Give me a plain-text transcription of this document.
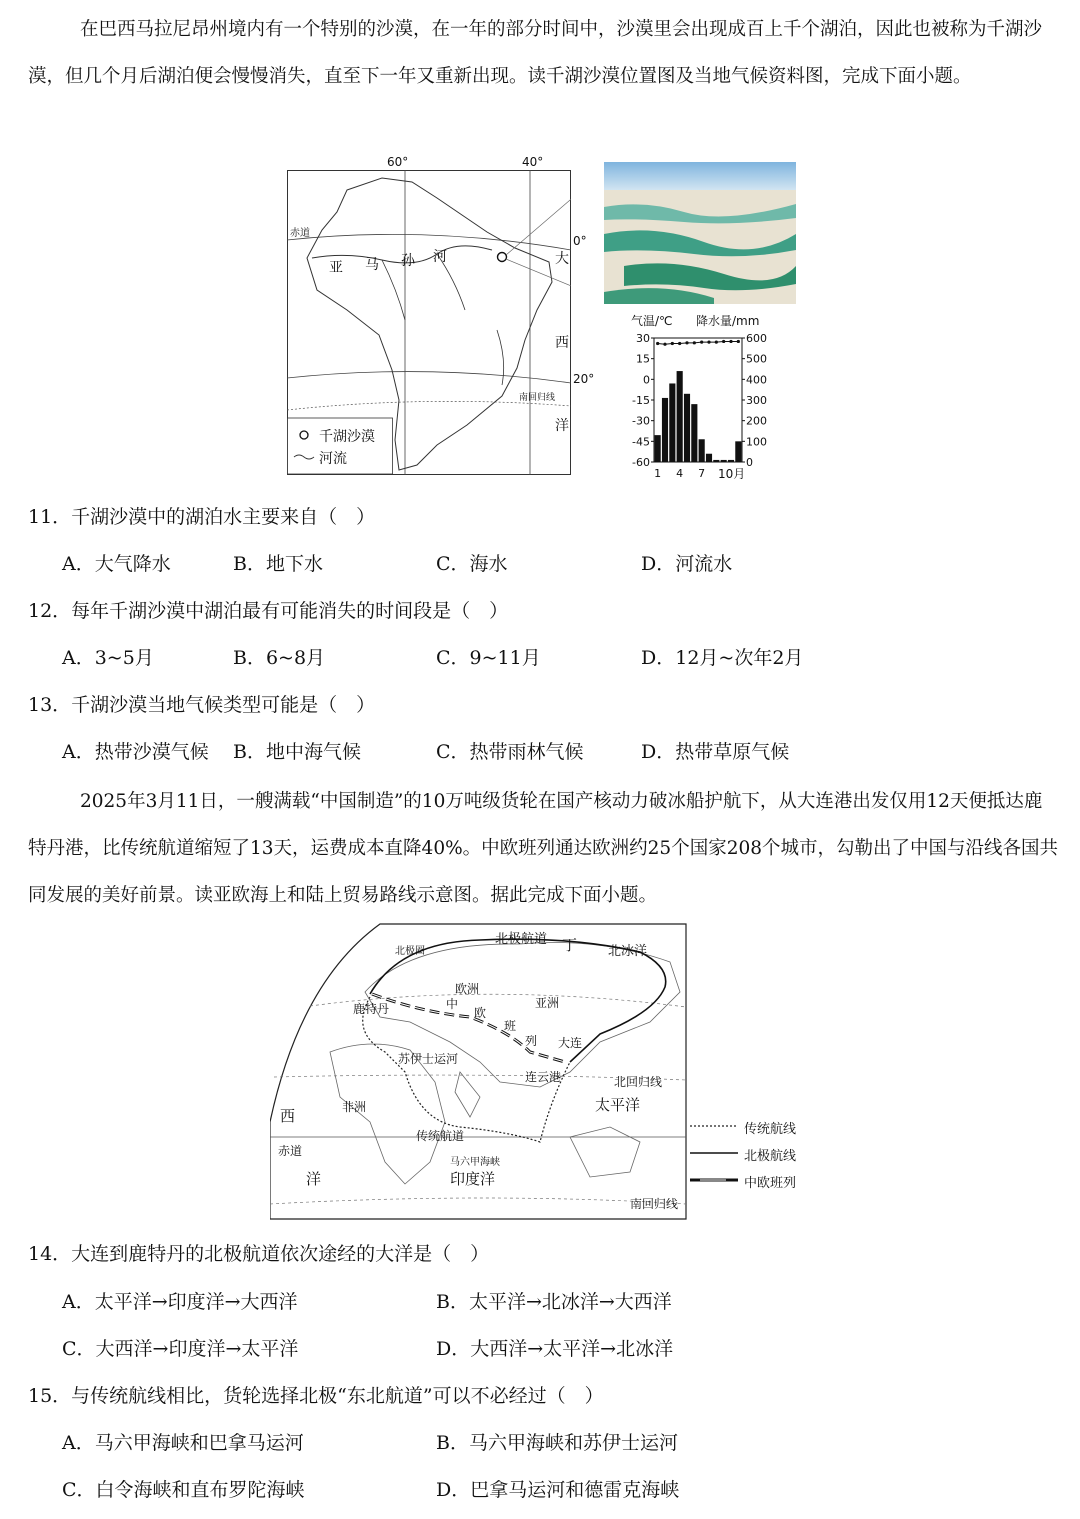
在巴西马拉尼昂州境内有一个特别的沙漠，在一年的部分时间中，沙漠里会出现成百上千个湖泊，因此也被称为千湖沙漠，但几个月后湖泊便会慢慢消失，直至下一年又重新出现。读千湖沙漠位置图及当地气候资料图，完成下面小题。
60°	40°
0°
20°
赤道
南回归线
亚 马 孙 河	大
西
洋
千湖沙漠
河流
气温/℃ 降水量/mm
30
15
0
-15
-30
-45
-60
600
500
400
300
200
100
0
1 4 7 10月
11．千湖沙漠中的湖泊水主要来自（　）
A．大气降水	B．地下水	C．海水	D．河流水
12．每年千湖沙漠中湖泊最有可能消失的时间段是（　）
A．3~5月	B．6~8月	C．9~11月	D．12月~次年2月
13．千湖沙漠当地气候类型可能是（　）
A．热带沙漠气候 B．地中海气候	C．热带雨林气候	D．热带草原气候
2025年3月11日，一艘满载“中国制造”的10万吨级货轮在国产核动力破冰船护航下，从大连港出发仅用12天便抵达鹿特丹港，比传统航道缩短了13天，运费成本直降40%。中欧班列通达欧洲约25个国家208个城市，勾勒出了中国与沿线各国共同发展的美好前景。读亚欧海上和陆上贸易路线示意图。据此完成下面小题。
北极航道 丁 北冰洋
北极圈
欧洲
中
欧
班
列
亚洲
鹿特丹
苏伊士运河
大连
连云港	北回归线
非洲	太平洋
西
赤道
洋
传统航道
马六甲海峡
印度洋
南回归线
传统航线
北极航线
中欧班列
14．大连到鹿特丹的北极航道依次途经的大洋是（　）
A．太平洋→印度洋→大西洋	B．太平洋→北冰洋→大西洋
C．大西洋→印度洋→太平洋	D．大西洋→太平洋→北冰洋
15．与传统航线相比，货轮选择北极“东北航道”可以不必经过（　）
A．马六甲海峡和巴拿马运河	B．马六甲海峡和苏伊士运河
C．白令海峡和直布罗陀海峡	D．巴拿马运河和德雷克海峡
